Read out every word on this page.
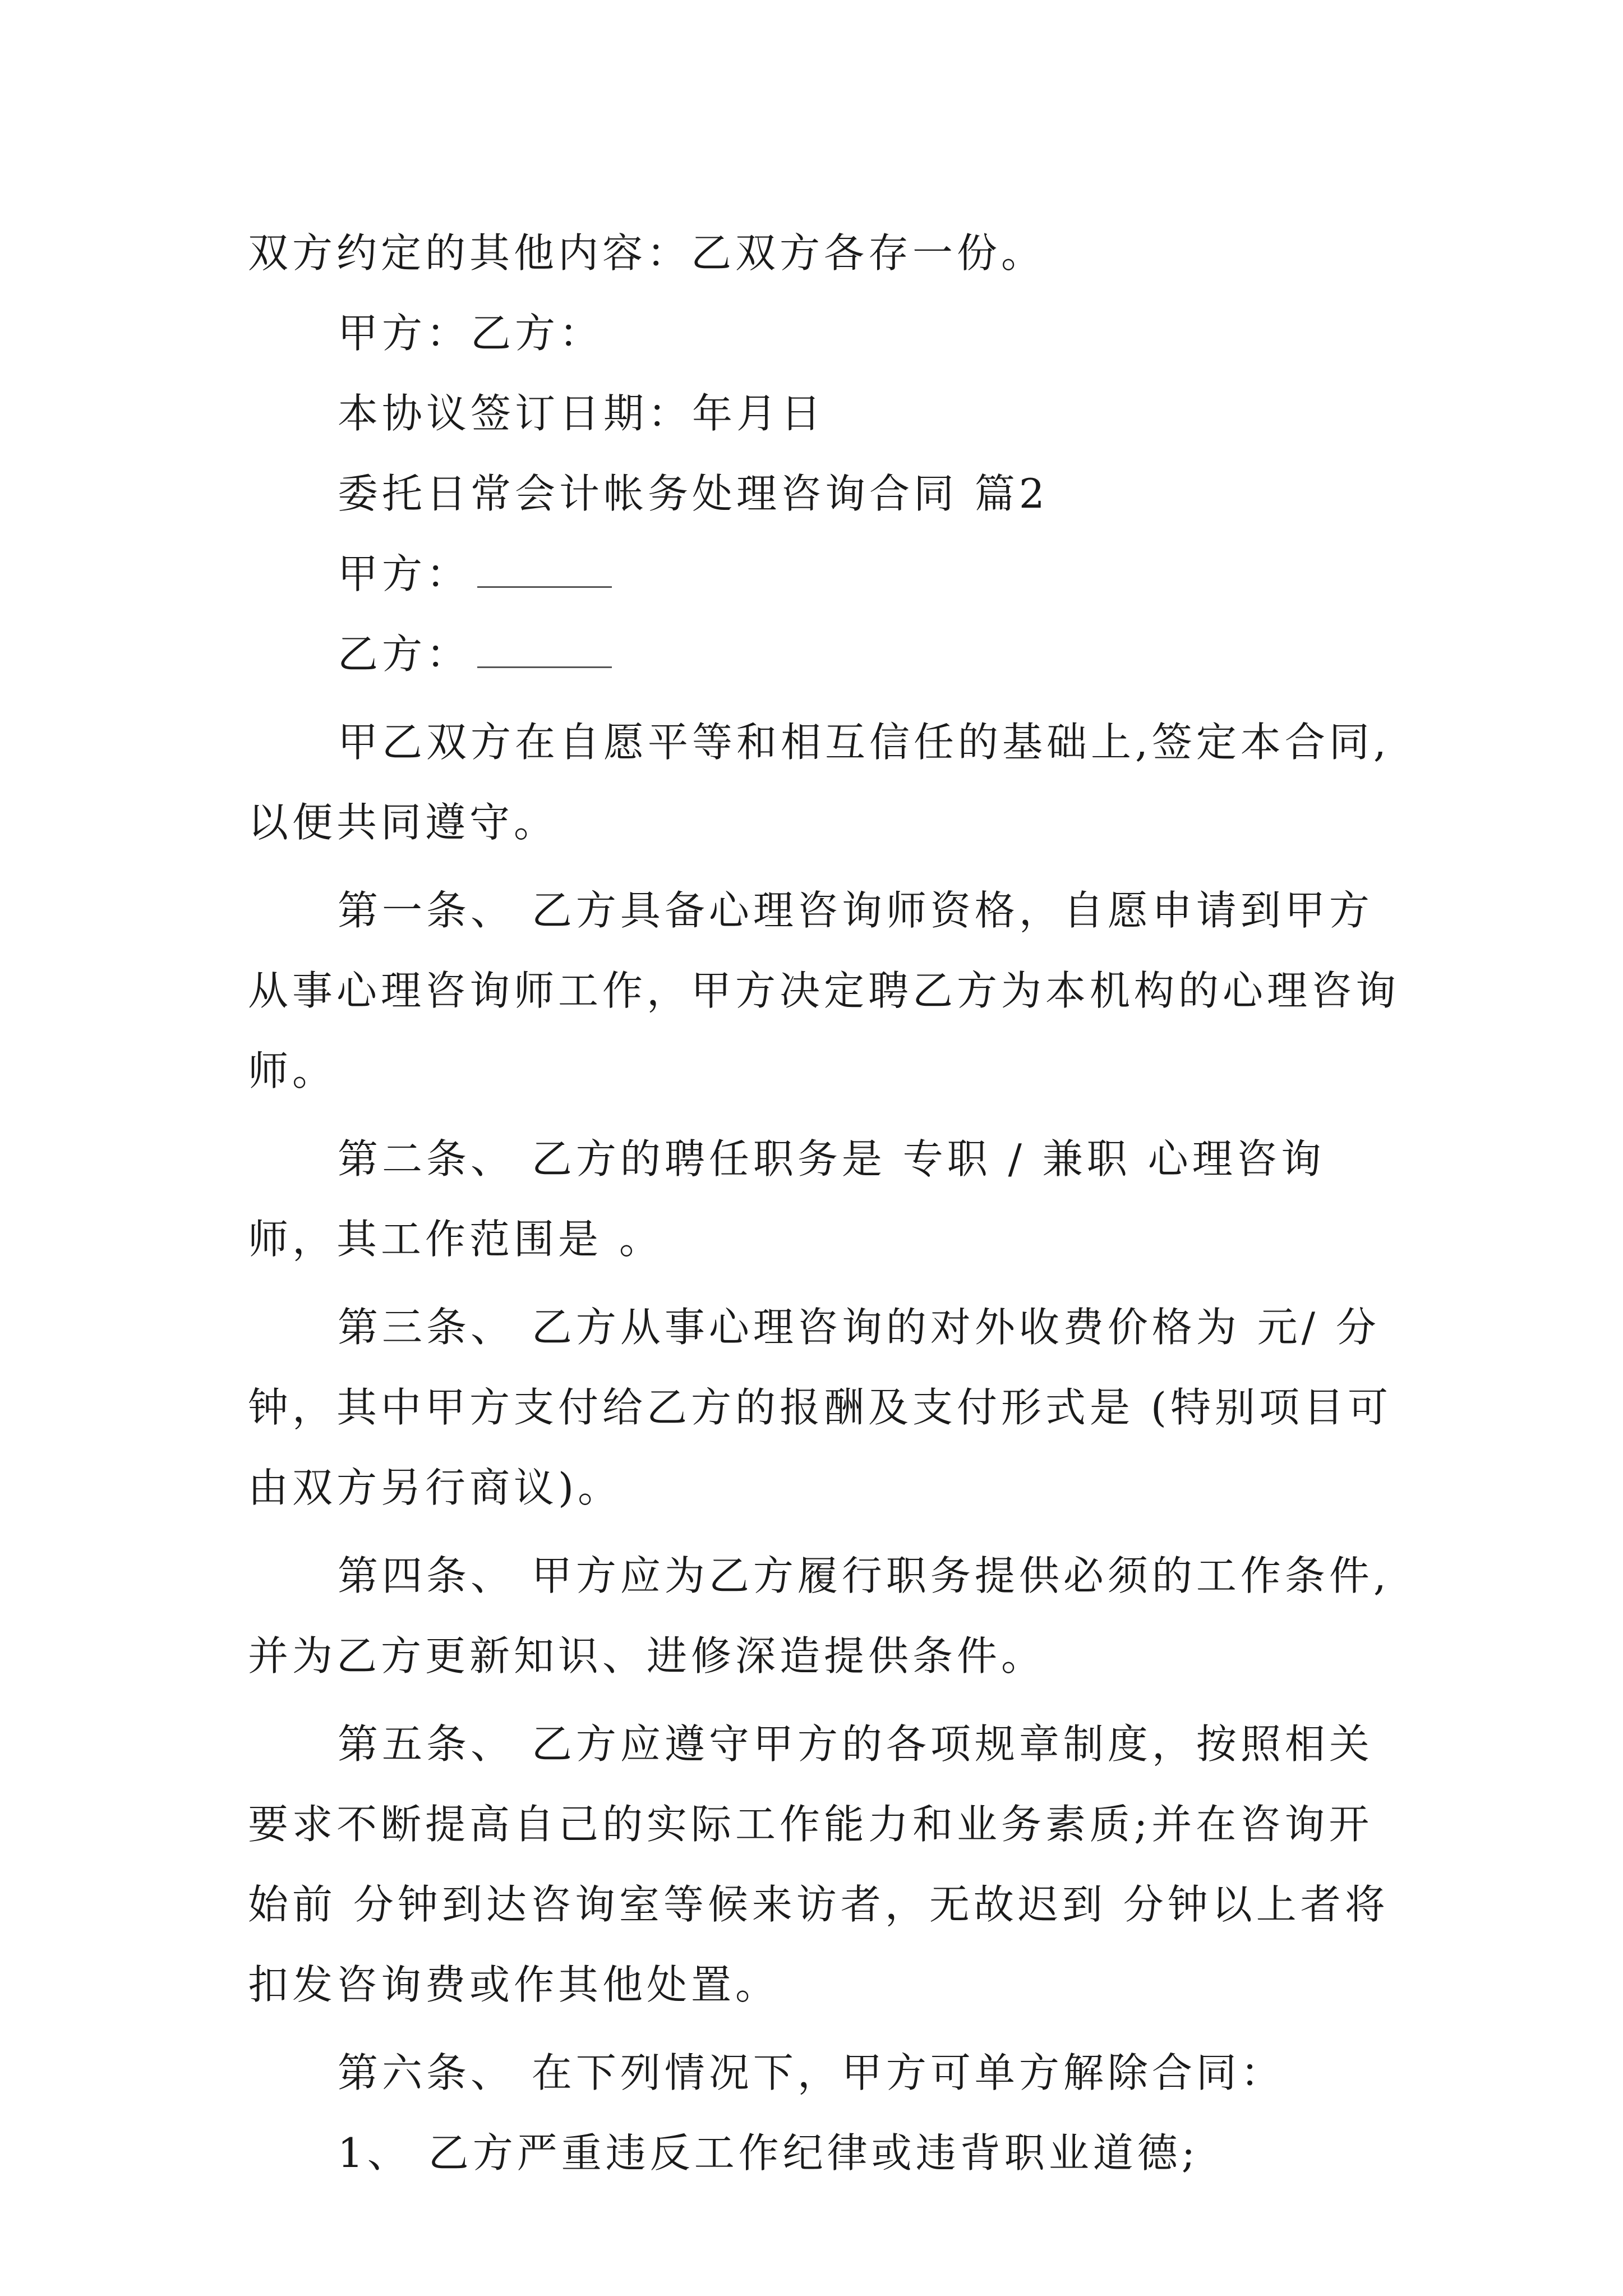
双方约定的其他内容：乙双方各存一份。
甲方：乙方：
本协议签订日期：年月日
委托日常会计帐务处理咨询合同 篇2
甲方：
乙方：
甲乙双方在自愿平等和相互信任的基础上,签定本合同,
以便共同遵守。
第一条、 乙方具备心理咨询师资格，自愿申请到甲方
从事心理咨询师工作，甲方决定聘乙方为本机构的心理咨询
师。
第二条、 乙方的聘任职务是 专职 / 兼职 心理咨询
师，其工作范围是 。
第三条、 乙方从事心理咨询的对外收费价格为 元/ 分
钟，其中甲方支付给乙方的报酬及支付形式是 (特别项目可
由双方另行商议)。
第四条、 甲方应为乙方履行职务提供必须的工作条件,
并为乙方更新知识、进修深造提供条件。
第五条、 乙方应遵守甲方的各项规章制度，按照相关
要求不断提高自己的实际工作能力和业务素质;并在咨询开
始前 分钟到达咨询室等候来访者，无故迟到 分钟以上者将
扣发咨询费或作其他处置。
第六条、 在下列情况下，甲方可单方解除合同：
1、 乙方严重违反工作纪律或违背职业道德;
